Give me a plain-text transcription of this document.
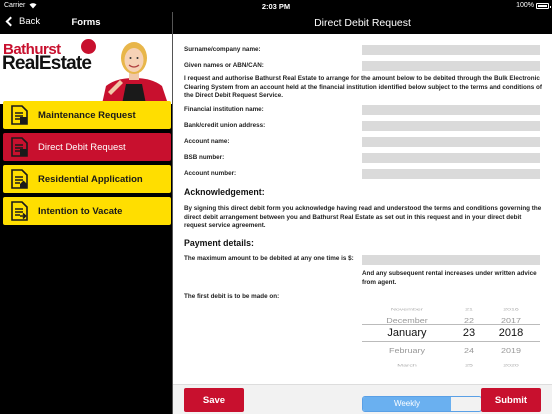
Carrier	2:03 PM	100%
Back	Forms
Bathurst
RealEstate
Maintenance Request
Direct Debit Request
Residential Application
Intention to Vacate
Direct Debit Request
Surname/company name:
Given names or ABN/CAN:

I request and authorise Bathurst Real Estate to arrange for the amount below to be debited through the Bulk Electronic Clearing System from an account held at the financial institution identified below subject to the terms and conditions of the Direct Debit Request Service.

Financial institution name:
Bank/credit union address:
Account name:
BSB number:
Account number:
Acknowledgement:

By signing this direct debit form you acknowledge having read and understood the terms and conditions governing the direct debit arrangement between you and Bathurst Real Estate as set out in this request and in your direct debit request service agreement.

Payment details:

The maximum amount to be debited at any one time is $:

And any subsequent rental increases under written advice from agent.

The first debit is to be made on:
November	21	2016
December	22	2017
January	23	2018
February	24	2019
March	25	2020
Save	Weekly	Submit
